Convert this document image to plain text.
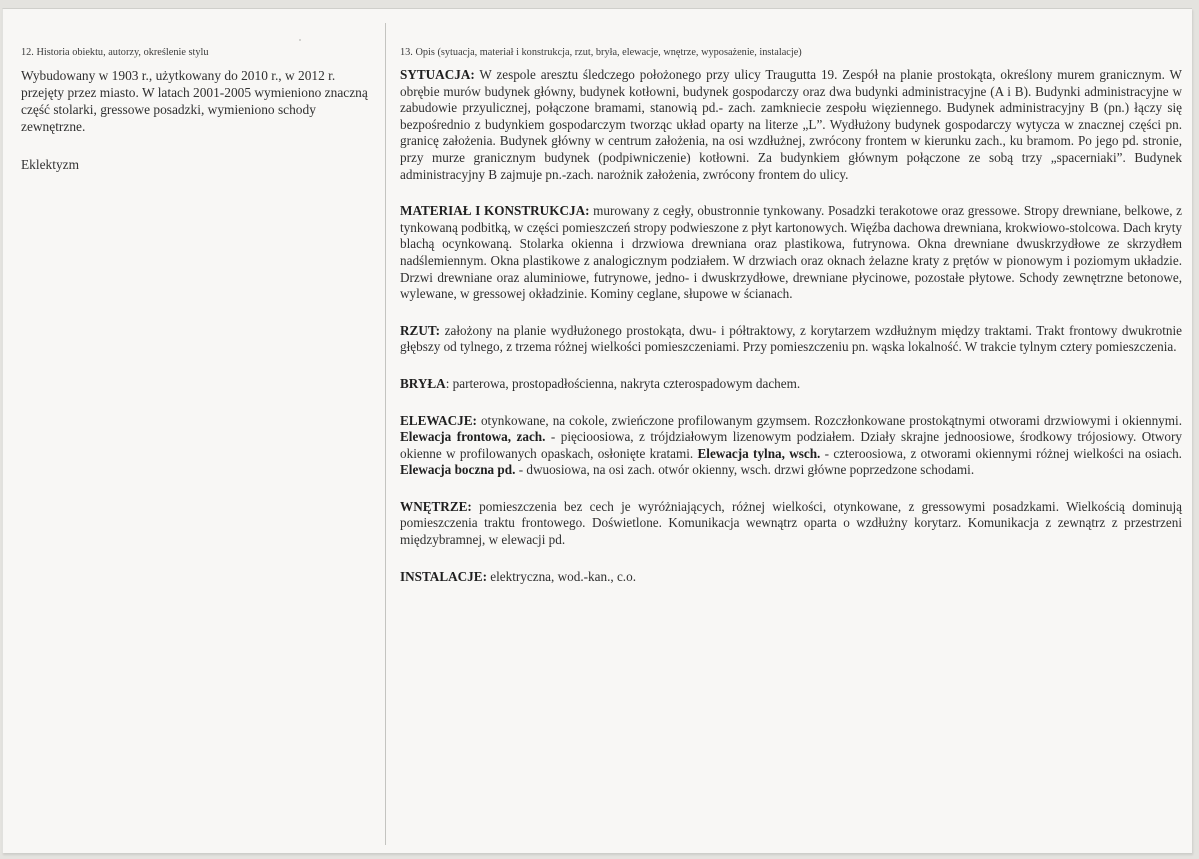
12. Historia obiektu, autorzy, określenie stylu

Wybudowany w 1903 r., użytkowany do 2010 r., w 2012 r. przejęty przez miasto. W latach 2001-2005 wymieniono znaczną część stolarki, gressowe posadzki, wymieniono schody zewnętrzne.

Eklektyzm

13. Opis (sytuacja, materiał i konstrukcja, rzut, bryła, elewacje, wnętrze, wyposażenie, instalacje)

SYTUACJA: W zespole aresztu śledczego położonego przy ulicy Traugutta 19. Zespół na planie prostokąta, określony murem granicznym. W obrębie murów budynek główny, budynek kotłowni, budynek gospodarczy oraz dwa budynki administracyjne (A i B). Budynki administracyjne w zabudowie przyulicznej, połączone bramami, stanowią pd.- zach. zamkniecie zespołu więziennego. Budynek administracyjny B (pn.) łączy się bezpośrednio z budynkiem gospodarczym tworząc układ oparty na literze „L”. Wydłużony budynek gospodarczy wytycza w znacznej części pn. granicę założenia. Budynek główny w centrum założenia, na osi wzdłużnej, zwrócony frontem w kierunku zach., ku bramom. Po jego pd. stronie, przy murze granicznym budynek (podpiwniczenie) kotłowni. Za budynkiem głównym połączone ze sobą trzy „spacerniaki”. Budynek administracyjny B zajmuje pn.-zach. narożnik założenia, zwrócony frontem do ulicy.

MATERIAŁ I KONSTRUKCJA: murowany z cegły, obustronnie tynkowany. Posadzki terakotowe oraz gressowe. Stropy drewniane, belkowe, z tynkowaną podbitką, w części pomieszczeń stropy podwieszone z płyt kartonowych. Więźba dachowa drewniana, krokwiowo-stolcowa. Dach kryty blachą ocynkowaną. Stolarka okienna i drzwiowa drewniana oraz plastikowa, futrynowa. Okna drewniane dwuskrzydłowe ze skrzydłem nadślemiennym. Okna plastikowe z analogicznym podziałem. W drzwiach oraz oknach żelazne kraty z prętów w pionowym i poziomym układzie. Drzwi drewniane oraz aluminiowe, futrynowe, jedno- i dwuskrzydłowe, drewniane płycinowe, pozostałe płytowe. Schody zewnętrzne betonowe, wylewane, w gressowej okładzinie. Kominy ceglane, słupowe w ścianach.

RZUT: założony na planie wydłużonego prostokąta, dwu- i półtraktowy, z korytarzem wzdłużnym między traktami. Trakt frontowy dwukrotnie głębszy od tylnego, z trzema różnej wielkości pomieszczeniami. Przy pomieszczeniu pn. wąska lokalność. W trakcie tylnym cztery pomieszczenia.

BRYŁA: parterowa, prostopadłościenna, nakryta czterospadowym dachem.

ELEWACJE: otynkowane, na cokole, zwieńczone profilowanym gzymsem. Rozczłonkowane prostokątnymi otworami drzwiowymi i okiennymi. Elewacja frontowa, zach. - pięcioosiowa, z trójdziałowym lizenowym podziałem. Działy skrajne jednoosiowe, środkowy trójosiowy. Otwory okienne w profilowanych opaskach, osłonięte kratami. Elewacja tylna, wsch. - czteroosiowa, z otworami okiennymi różnej wielkości na osiach. Elewacja boczna pd. - dwuosiowa, na osi zach. otwór okienny, wsch. drzwi główne poprzedzone schodami.

WNĘTRZE: pomieszczenia bez cech je wyróżniających, różnej wielkości, otynkowane, z gressowymi posadzkami. Wielkością dominują pomieszczenia traktu frontowego. Doświetlone. Komunikacja wewnątrz oparta o wzdłużny korytarz. Komunikacja z zewnątrz z przestrzeni międzybramnej, w elewacji pd.

INSTALACJE: elektryczna, wod.-kan., c.o.
